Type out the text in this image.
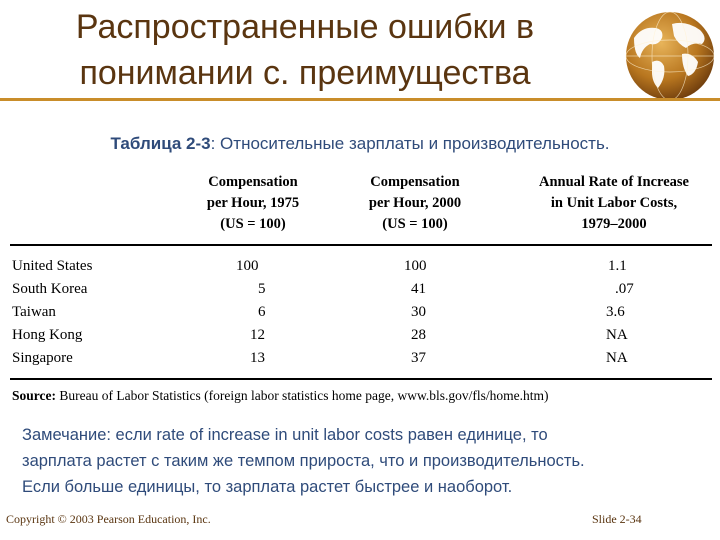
Распространенные ошибки в
понимании с. преимущества
Таблица 2-3: Относительные зарплаты и производительность.
Compensation
per Hour, 1975
(US = 100)
Compensation
per Hour, 2000
(US = 100)
Annual Rate of Increase
in Unit Labor Costs,
1979–2000
United States	100	100	1.1
South Korea	5	41	.07
Taiwan	6	30	3.6
Hong Kong	12	28	NA
Singapore	13	37	NA
Source: Bureau of Labor Statistics (foreign labor statistics home page, www.bls.gov/fls/home.htm)
Замечание: если rate of increase in unit labor costs равен единице, то
зарплата растет с таким же темпом прироста, что и производительность.
Если больше единицы, то зарплата растет быстрее и наоборот.
Copyright © 2003 Pearson Education, Inc.	Slide 2-34
